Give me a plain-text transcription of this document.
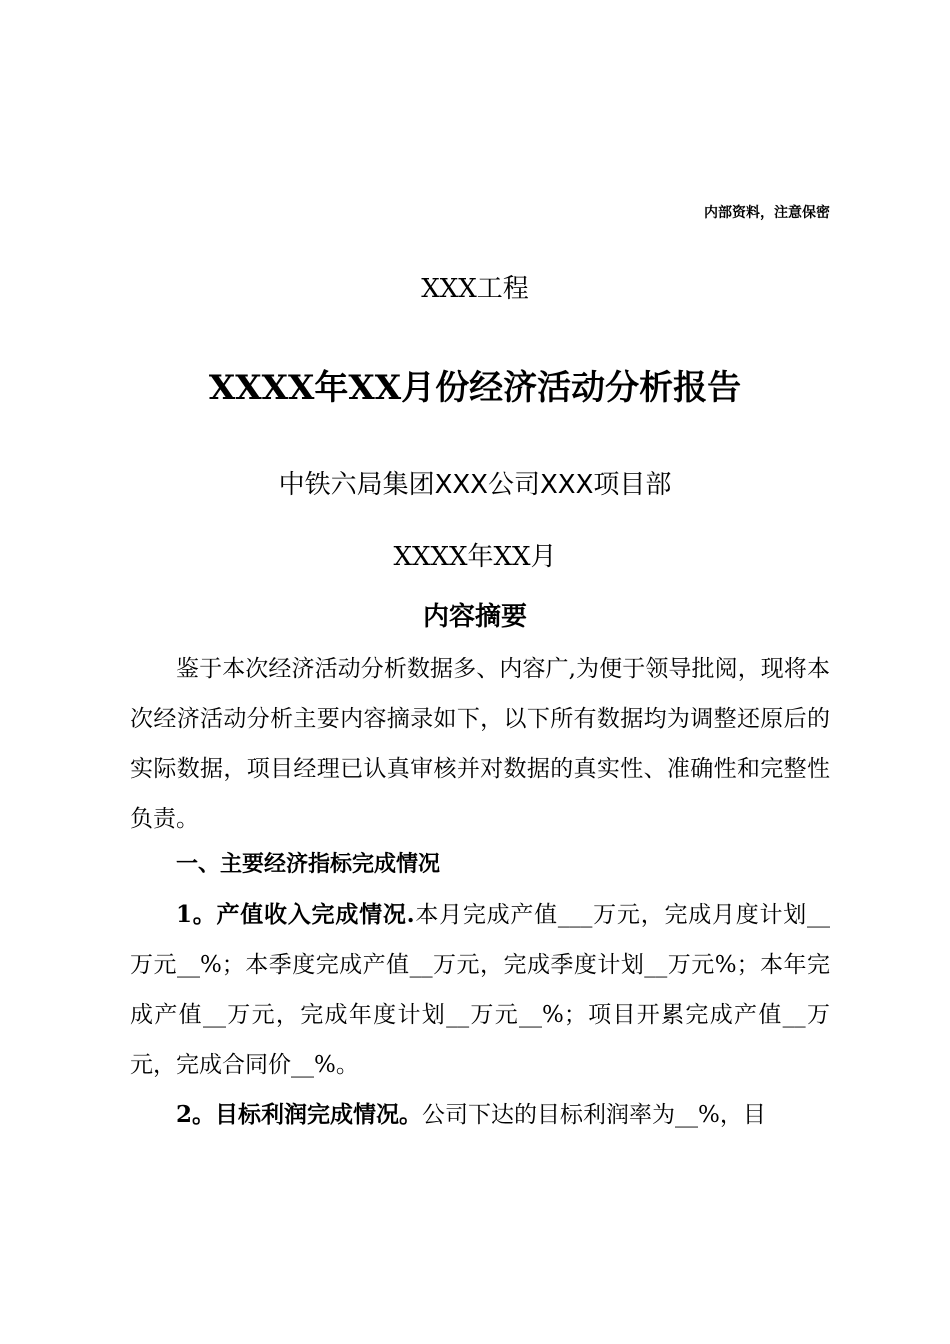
内部资料，注意保密
XXX工程
XXXX年XX月份经济活动分析报告
中铁六局集团XXX公司XXX项目部
XXXX年XX月
内容摘要

鉴于本次经济活动分析数据多、内容广,为便于领导批阅，现将本次经济活动分析主要内容摘录如下，以下所有数据均为调整还原后的实际数据，项目经理已认真审核并对数据的真实性、准确性和完整性负责。

一、主要经济指标完成情况

1。产值收入完成情况.本月完成产值___万元，完成月度计划__万元__%；本季度完成产值__万元，完成季度计划__万元%；本年完成产值__万元，完成年度计划__万元__%；项目开累完成产值__万元，完成合同价__%。

2。目标利润完成情况。公司下达的目标利润率为__%，目
